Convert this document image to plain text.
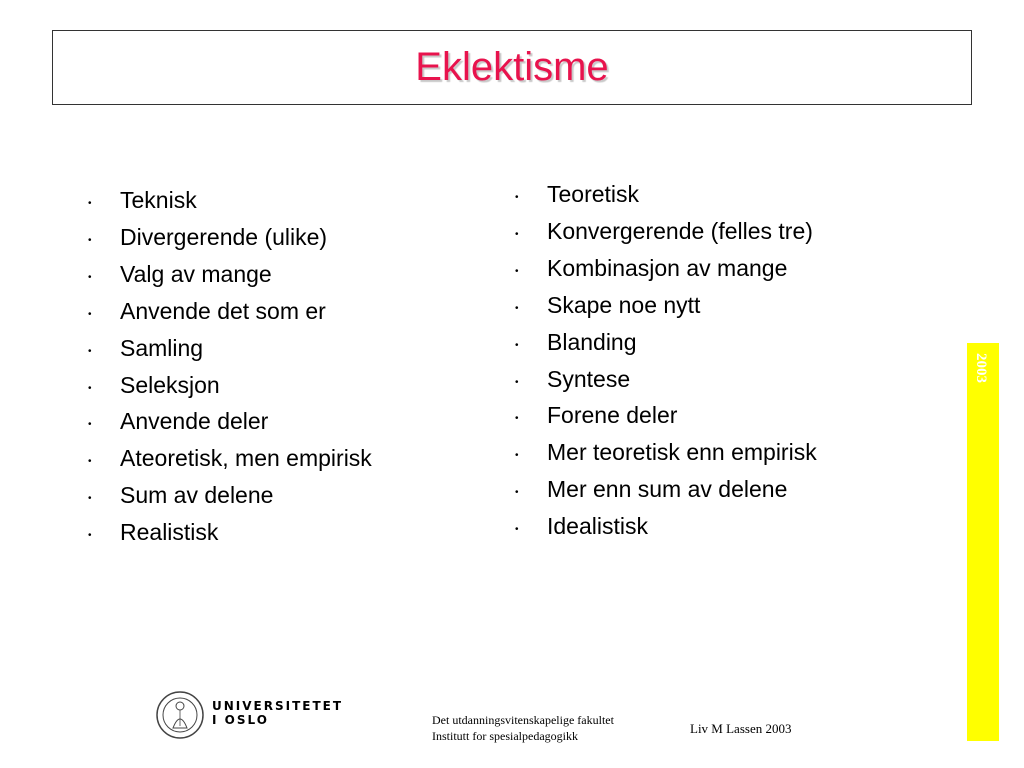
Eklektisme
• Teknisk
• Divergerende (ulike)
• Valg av mange
• Anvende det som er
• Samling
• Seleksjon
• Anvende deler
• Ateoretisk, men empirisk
• Sum av delene
• Realistisk
• Teoretisk
• Konvergerende (felles tre)
• Kombinasjon av mange
• Skape noe nytt
• Blanding
• Syntese
• Forene deler
• Mer teoretisk enn empirisk
• Mer enn sum av delene
• Idealistisk
2003
UNIVERSITETET
I OSLO	Det utdanningsvitenskapelige fakultet
Institutt for spesialpedagogikk	Liv M Lassen 2003
